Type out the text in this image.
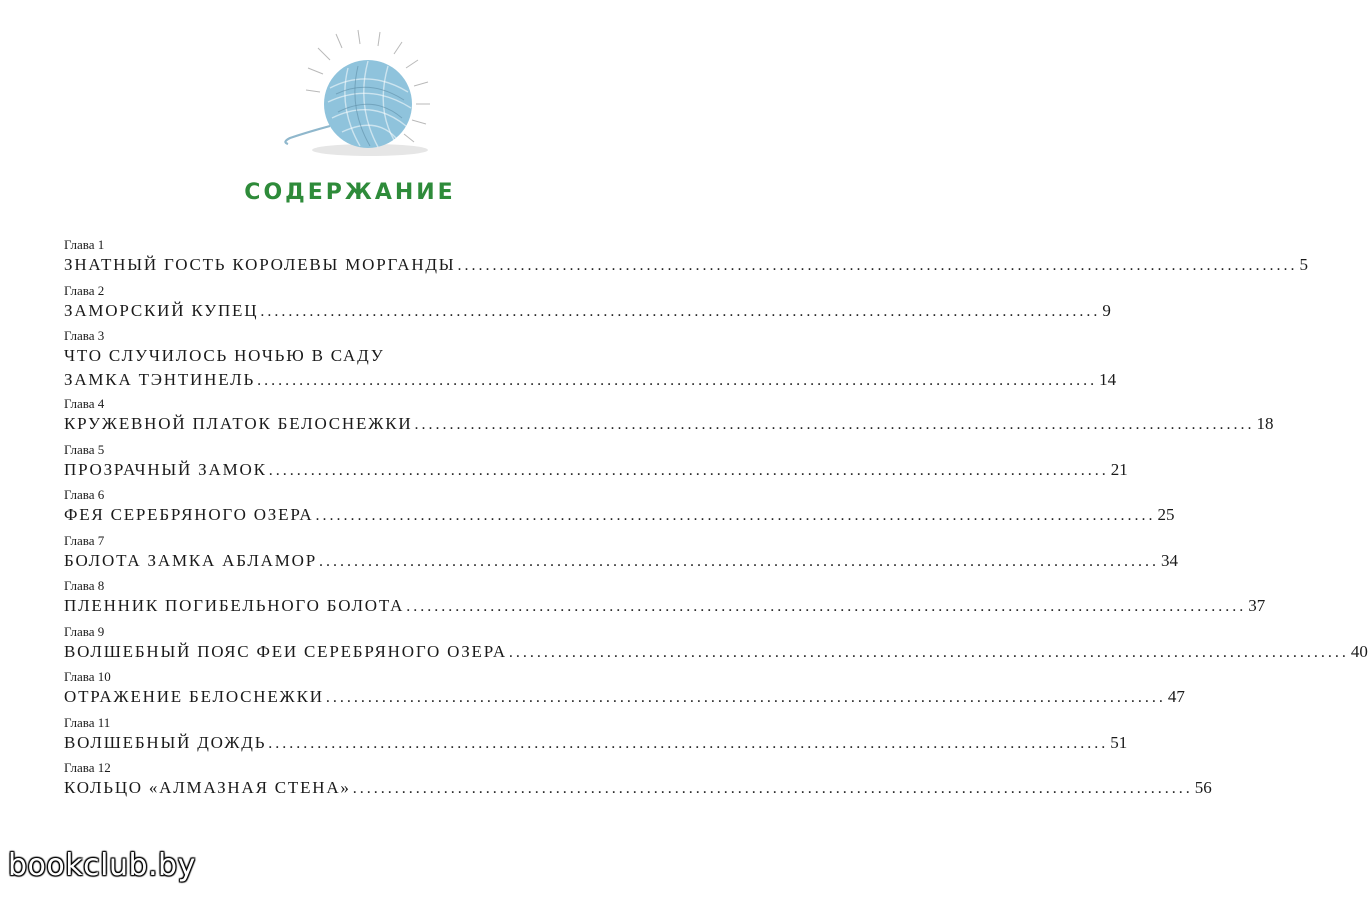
СОДЕРЖАНИЕ
Глава 1
ЗНАТНЫЙ ГОСТЬ КОРОЛЕВЫ МОРГАНДЫ ........................................................................................................................ 5
Глава 2
ЗАМОРСКИЙ КУПЕЦ ........................................................................................................................ 9
Глава 3
ЧТО СЛУЧИЛОСЬ НОЧЬЮ В САДУ
ЗАМКА ТЭНТИНЕЛЬ ........................................................................................................................ 14
Глава 4
КРУЖЕВНОЙ ПЛАТОК БЕЛОСНЕЖКИ ........................................................................................................................ 18
Глава 5
ПРОЗРАЧНЫЙ ЗАМОК ........................................................................................................................ 21
Глава 6
ФЕЯ СЕРЕБРЯНОГО ОЗЕРА ........................................................................................................................ 25
Глава 7
БОЛОТА ЗАМКА АБЛАМОР ........................................................................................................................ 34
Глава 8
ПЛЕННИК ПОГИБЕЛЬНОГО БОЛОТА ........................................................................................................................ 37
Глава 9
ВОЛШЕБНЫЙ ПОЯС ФЕИ СЕРЕБРЯНОГО ОЗЕРА ........................................................................................................................ 40
Глава 10
ОТРАЖЕНИЕ БЕЛОСНЕЖКИ ........................................................................................................................ 47
Глава 11
ВОЛШЕБНЫЙ ДОЖДЬ ........................................................................................................................ 51
Глава 12
КОЛЬЦО «АЛМАЗНАЯ СТЕНА» ........................................................................................................................ 56

bookclub.by
